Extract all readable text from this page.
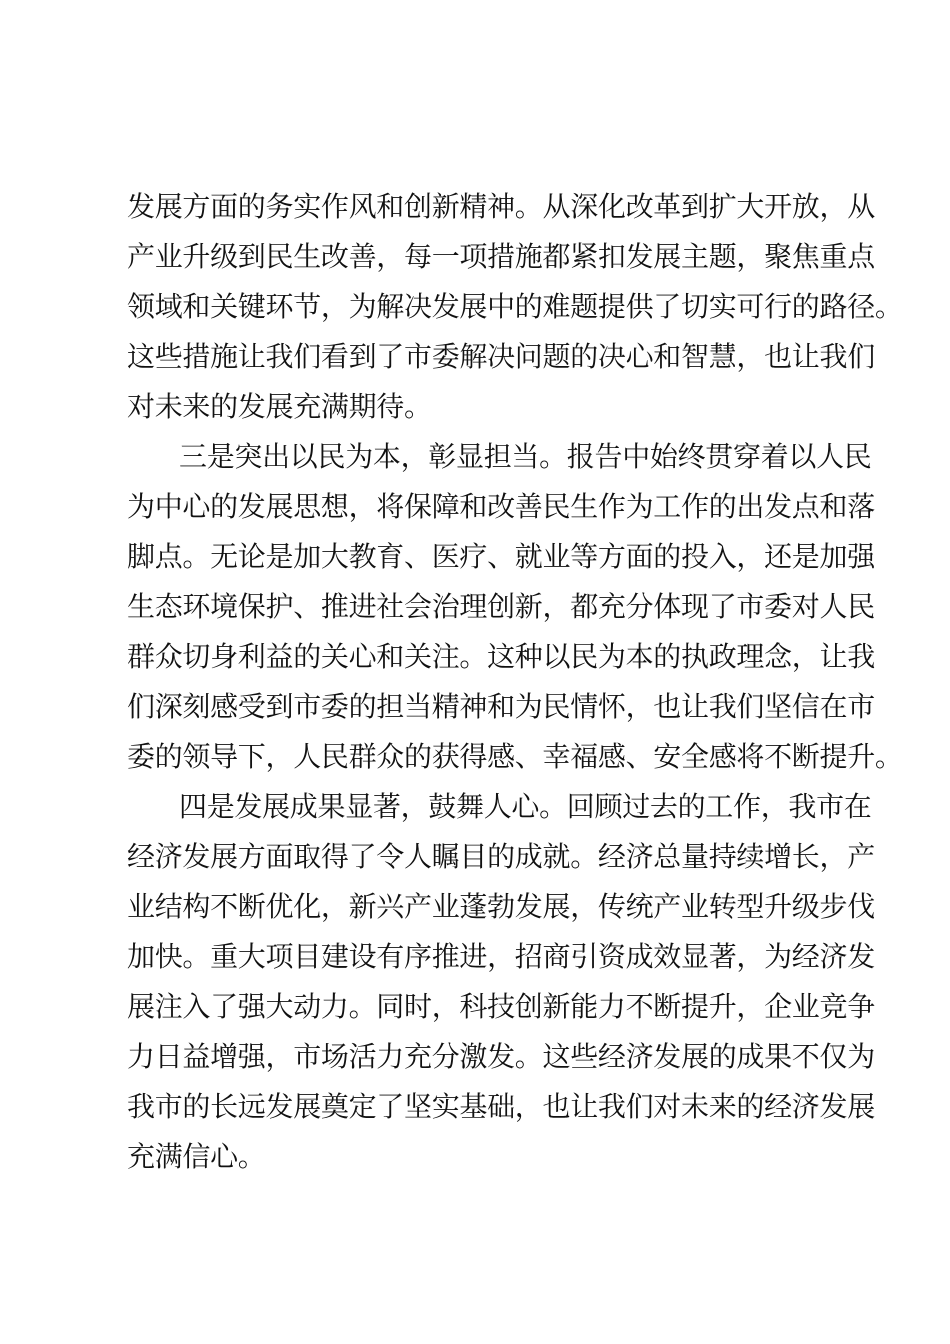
发展方面的务实作风和创新精神。从深化改革到扩大开放，从
产业升级到民生改善，每一项措施都紧扣发展主题，聚焦重点
领域和关键环节，为解决发展中的难题提供了切实可行的路径。
这些措施让我们看到了市委解决问题的决心和智慧，也让我们
对未来的发展充满期待。
三是突出以民为本，彰显担当。报告中始终贯穿着以人民
为中心的发展思想，将保障和改善民生作为工作的出发点和落
脚点。无论是加大教育、医疗、就业等方面的投入，还是加强
生态环境保护、推进社会治理创新，都充分体现了市委对人民
群众切身利益的关心和关注。这种以民为本的执政理念，让我
们深刻感受到市委的担当精神和为民情怀，也让我们坚信在市
委的领导下，人民群众的获得感、幸福感、安全感将不断提升。
四是发展成果显著，鼓舞人心。回顾过去的工作，我市在
经济发展方面取得了令人瞩目的成就。经济总量持续增长，产
业结构不断优化，新兴产业蓬勃发展，传统产业转型升级步伐
加快。重大项目建设有序推进，招商引资成效显著，为经济发
展注入了强大动力。同时，科技创新能力不断提升，企业竞争
力日益增强，市场活力充分激发。这些经济发展的成果不仅为
我市的长远发展奠定了坚实基础，也让我们对未来的经济发展
充满信心。
